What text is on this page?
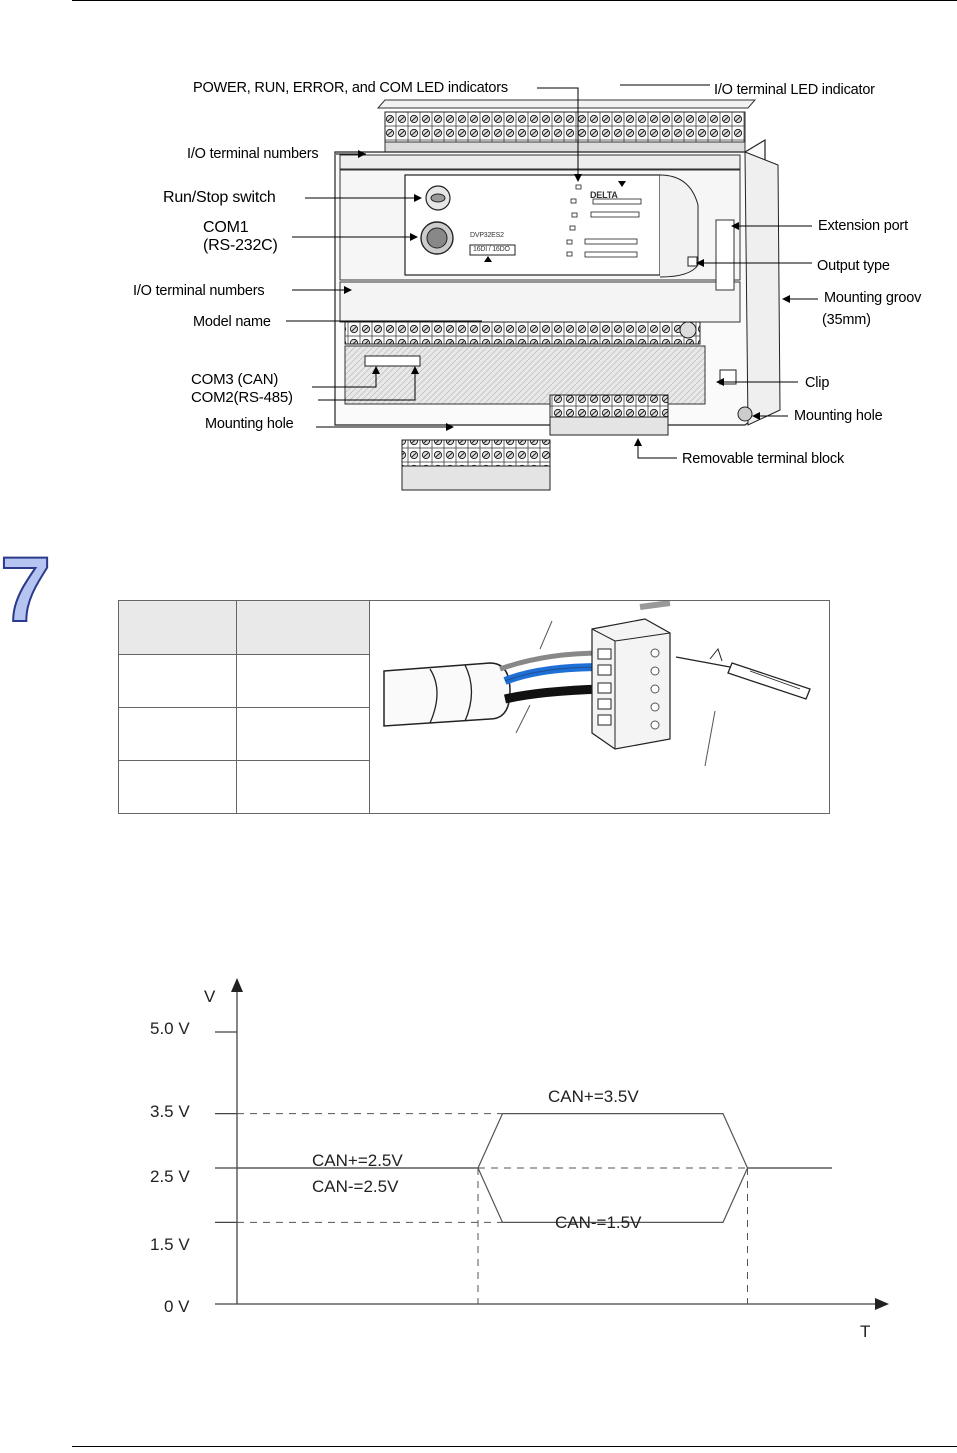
DELTA
DVP32ES2
16DI / 16DO
POWER, RUN, ERROR, and COM LED indicators	I/O terminal LED indicator
I/O terminal numbers
Run/Stop switch
COM1
(RS-232C)
Extension port
Output type
I/O terminal numbers	Mounting groov
(35mm)
Model name
COM3 (CAN)
COM2(RS-485)
Clip
Mounting hole	Mounting hole
Removable terminal block
7
V
T
5.0 V
3.5 V
2.5 V
1.5 V
0 V
CAN+=2.5V
CAN-=2.5V
CAN+=3.5V
CAN-=1.5V
